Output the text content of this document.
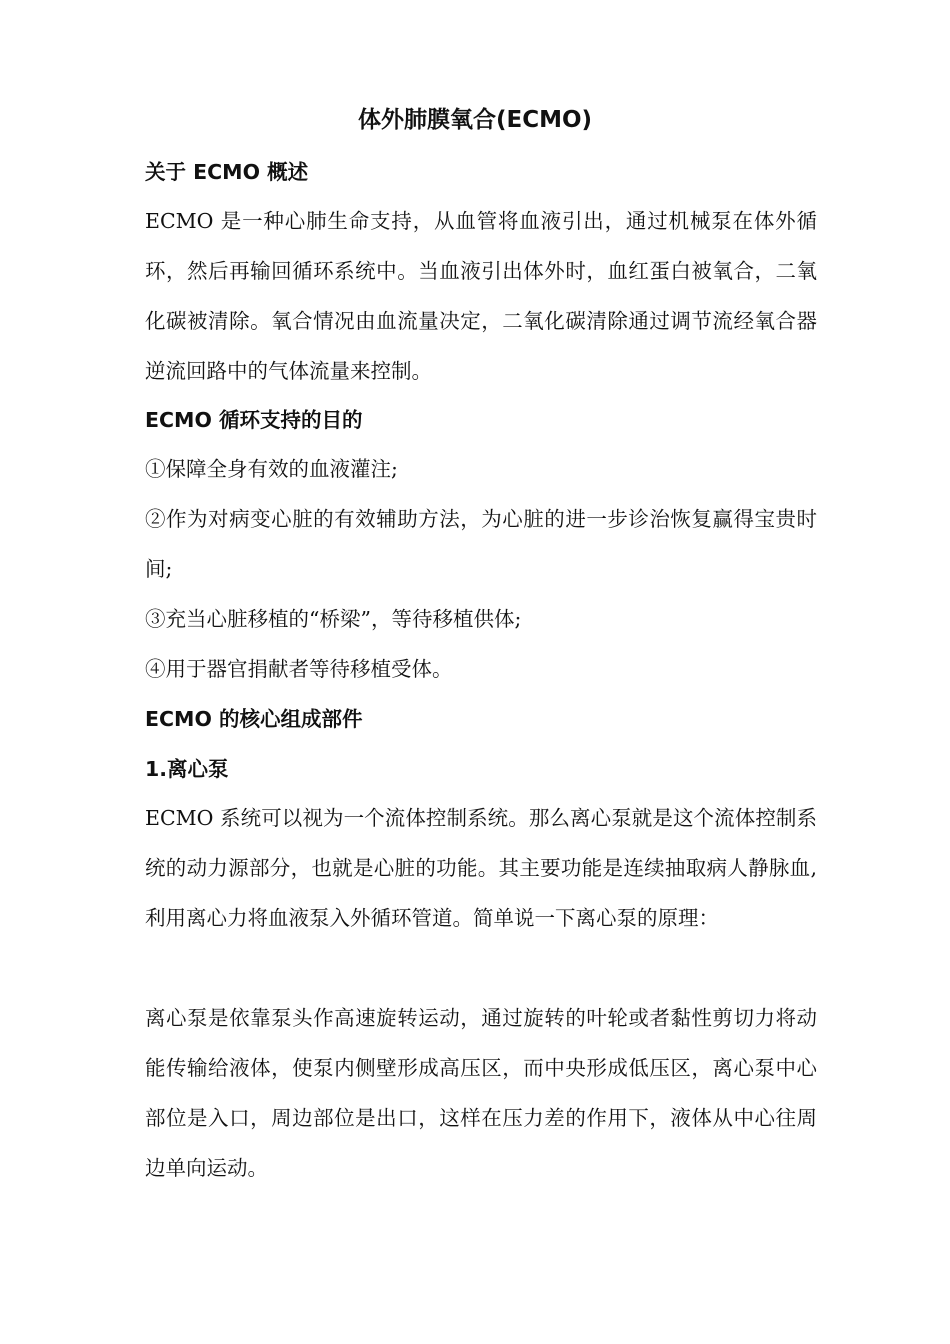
体外肺膜氧合(ECMO)
关于 ECMO 概述
ECMO 是一种心肺生命支持，从血管将血液引出，通过机械泵在体外循环，然后再输回循环系统中。当血液引出体外时，血红蛋白被氧合，二氧化碳被清除。氧合情况由血流量决定，二氧化碳清除通过调节流经氧合器逆流回路中的气体流量来控制。
ECMO 循环支持的目的
①保障全身有效的血液灌注;
②作为对病变心脏的有效辅助方法，为心脏的进一步诊治恢复赢得宝贵时间;
③充当心脏移植的“桥梁”，等待移植供体;
④用于器官捐献者等待移植受体。
ECMO 的核心组成部件
1.离心泵
ECMO 系统可以视为一个流体控制系统。那么离心泵就是这个流体控制系统的动力源部分，也就是心脏的功能。其主要功能是连续抽取病人静脉血,利用离心力将血液泵入外循环管道。简单说一下离心泵的原理：
离心泵是依靠泵头作高速旋转运动，通过旋转的叶轮或者黏性剪切力将动能传输给液体，使泵内侧壁形成高压区，而中央形成低压区，离心泵中心部位是入口，周边部位是出口，这样在压力差的作用下，液体从中心往周边单向运动。
